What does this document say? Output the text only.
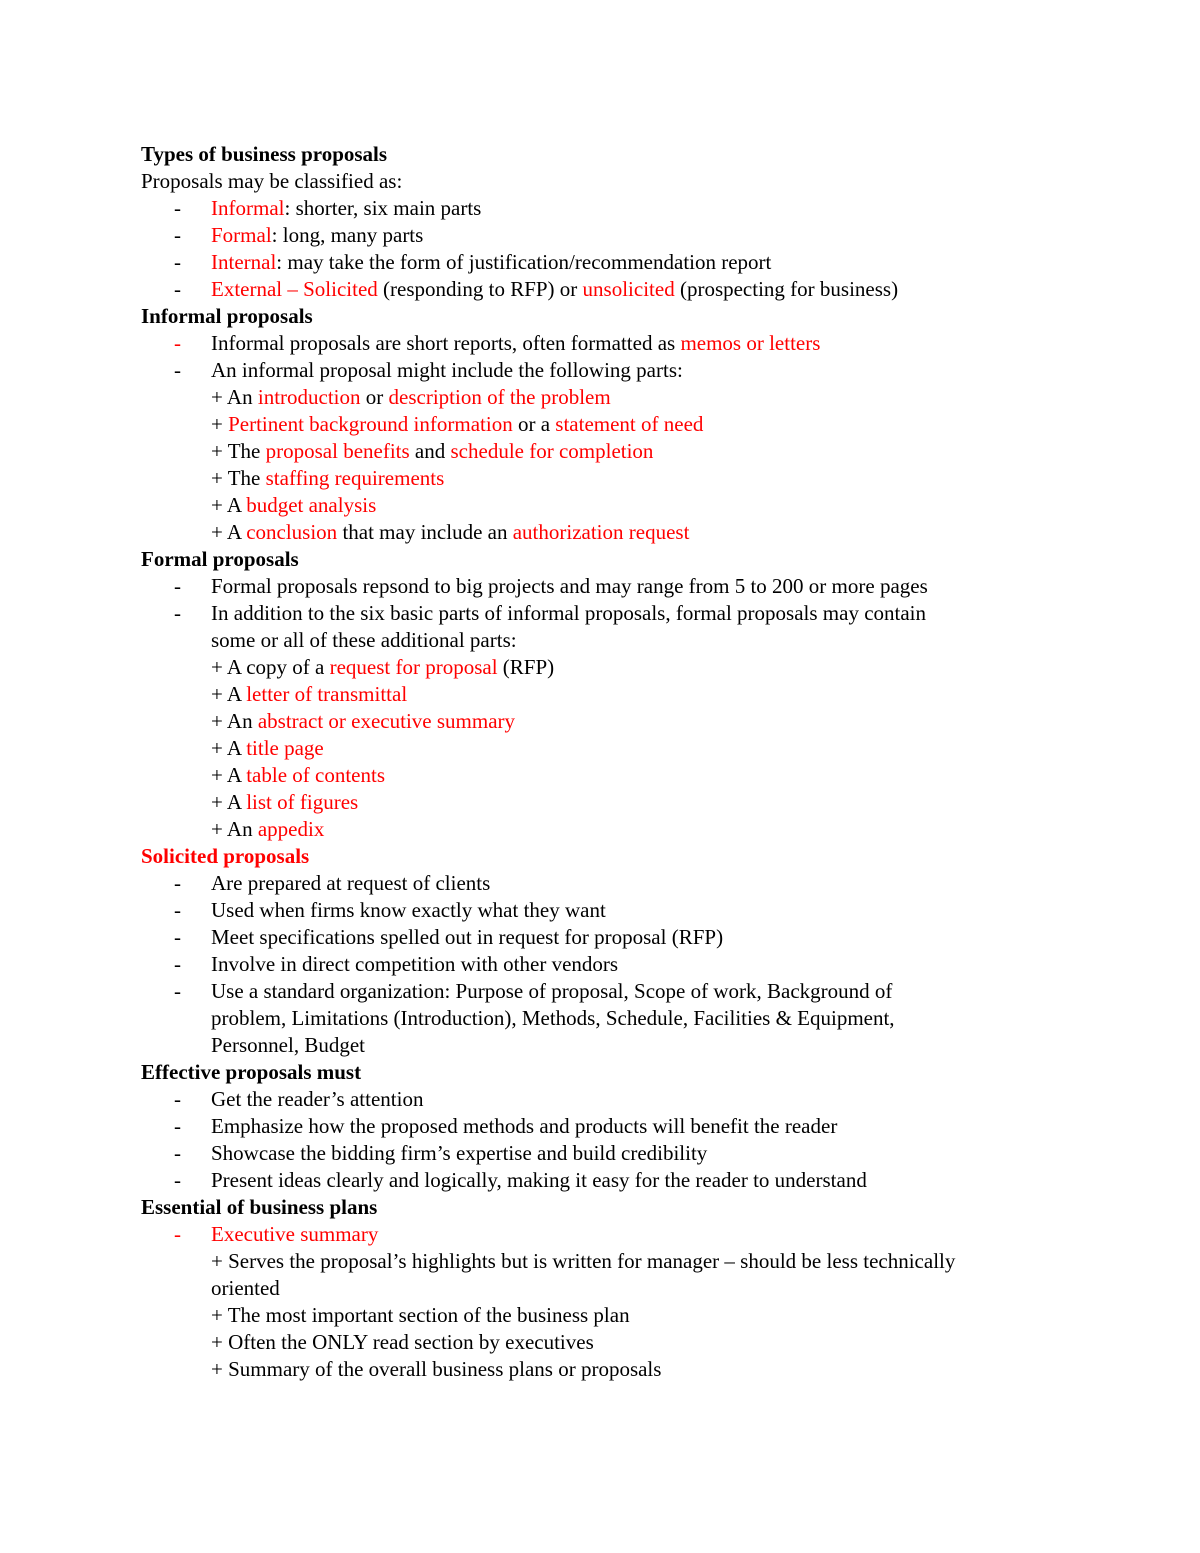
Types of business proposals
Proposals may be classified as:
-	Informal: shorter, six main parts
-	Formal: long, many parts
-	Internal: may take the form of justification/recommendation report
-	External – Solicited (responding to RFP) or unsolicited (prospecting for business)
Informal proposals
-	Informal proposals are short reports, often formatted as memos or letters
-	An informal proposal might include the following parts:
+ An introduction or description of the problem
+ Pertinent background information or a statement of need
+ The proposal benefits and schedule for completion
+ The staffing requirements
+ A budget analysis
+ A conclusion that may include an authorization request
Formal proposals
-	Formal proposals repsond to big projects and may range from 5 to 200 or more pages
-	In addition to the six basic parts of informal proposals, formal proposals may contain
some or all of these additional parts:
+ A copy of a request for proposal (RFP)
+ A letter of transmittal
+ An abstract or executive summary
+ A title page
+ A table of contents
+ A list of figures
+ An appedix
Solicited proposals
-	Are prepared at request of clients
-	Used when firms know exactly what they want
-	Meet specifications spelled out in request for proposal (RFP)
-	Involve in direct competition with other vendors
-	Use a standard organization: Purpose of proposal, Scope of work, Background of
problem, Limitations (Introduction), Methods, Schedule, Facilities & Equipment,
Personnel, Budget
Effective proposals must
-	Get the reader’s attention
-	Emphasize how the proposed methods and products will benefit the reader
-	Showcase the bidding firm’s expertise and build credibility
-	Present ideas clearly and logically, making it easy for the reader to understand
Essential of business plans
-	Executive summary
+ Serves the proposal’s highlights but is written for manager – should be less technically
oriented
+ The most important section of the business plan
+ Often the ONLY read section by executives
+ Summary of the overall business plans or proposals
